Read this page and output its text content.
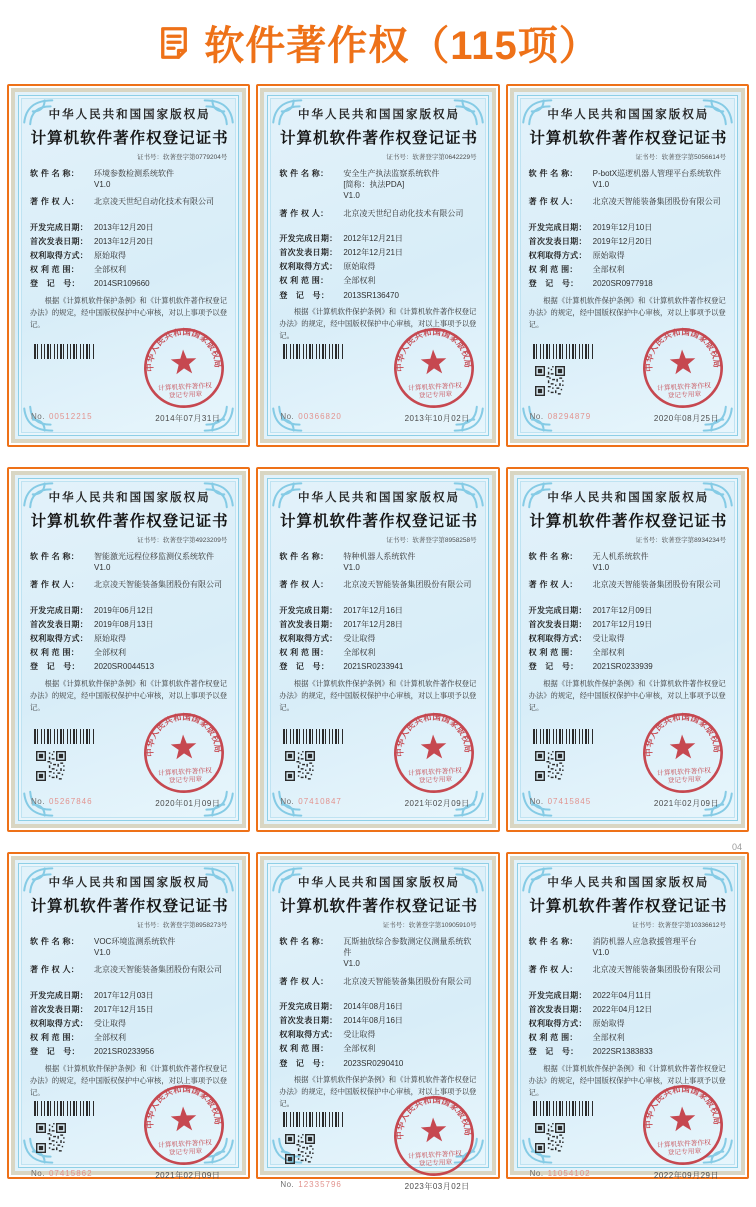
软件著作权（115项）
中华人民共和国国家版权局
计算机软件著作权登记证书
证书号：软著登字第0779204号
软 件 名 称：	环境参数检测系统软件
V1.0
著 作 权 人：	北京凌天世纪自动化技术有限公司
开发完成日期： 2013年12月20日
首次发表日期： 2013年12月20日
权利取得方式： 原始取得
权 利 范 围：	全部权利
登　记　号：	2014SR109660
根据《计算机软件保护条例》和《计算机软件著作权登记办法》的规定，经中国版权保护中心审核，对以上事项予以登记。
No. 00512215
中华人民共和国国家版权局
计算机软件著作权
登记专用章
2014年07月31日
中华人民共和国国家版权局
计算机软件著作权登记证书
证书号：软著登字第0642229号
软 件 名 称：	安全生产执法监察系统软件
[简称：执法PDA]
V1.0
著 作 权 人：	北京凌天世纪自动化技术有限公司
开发完成日期： 2012年12月21日
首次发表日期： 2012年12月21日
权利取得方式： 原始取得
权 利 范 围：	全部权利
登　记　号：	2013SR136470
根据《计算机软件保护条例》和《计算机软件著作权登记办法》的规定，经中国版权保护中心审核，对以上事项予以登记。
No. 00366820
中华人民共和国国家版权局
计算机软件著作权
登记专用章
2013年10月02日
中华人民共和国国家版权局
计算机软件著作权登记证书
证书号：软著登字第5056614号
软 件 名 称：	P-botX巡逻机器人管理平台系统软件
V1.0
著 作 权 人：	北京凌天智能装备集团股份有限公司
开发完成日期： 2019年12月10日
首次发表日期： 2019年12月20日
权利取得方式： 原始取得
权 利 范 围：	全部权利
登　记　号：	2020SR0977918
根据《计算机软件保护条例》和《计算机软件著作权登记办法》的规定，经中国版权保护中心审核，对以上事项予以登记。
No. 08294879
中华人民共和国国家版权局
计算机软件著作权
登记专用章
2020年08月25日
中华人民共和国国家版权局
计算机软件著作权登记证书
证书号：软著登字第4923209号
软 件 名 称：	智能激光远程位移监测仪系统软件
V1.0
著 作 权 人：	北京凌天智能装备集团股份有限公司
开发完成日期： 2019年06月12日
首次发表日期： 2019年08月13日
权利取得方式： 原始取得
权 利 范 围：	全部权利
登　记　号：	2020SR0044513
根据《计算机软件保护条例》和《计算机软件著作权登记办法》的规定，经中国版权保护中心审核，对以上事项予以登记。
No. 05267846
中华人民共和国国家版权局
计算机软件著作权
登记专用章
2020年01月09日
中华人民共和国国家版权局
计算机软件著作权登记证书
证书号：软著登字第8958258号
软 件 名 称：	特种机器人系统软件
V1.0
著 作 权 人：	北京凌天智能装备集团股份有限公司
开发完成日期： 2017年12月16日
首次发表日期： 2017年12月28日
权利取得方式： 受让取得
权 利 范 围：	全部权利
登　记　号：	2021SR0233941
根据《计算机软件保护条例》和《计算机软件著作权登记办法》的规定，经中国版权保护中心审核，对以上事项予以登记。
No. 07410847
中华人民共和国国家版权局
计算机软件著作权
登记专用章
2021年02月09日
中华人民共和国国家版权局
计算机软件著作权登记证书
证书号：软著登字第8934234号
软 件 名 称：	无人机系统软件
V1.0
著 作 权 人：	北京凌天智能装备集团股份有限公司
开发完成日期： 2017年12月09日
首次发表日期： 2017年12月19日
权利取得方式： 受让取得
权 利 范 围：	全部权利
登　记　号：	2021SR0233939
根据《计算机软件保护条例》和《计算机软件著作权登记办法》的规定，经中国版权保护中心审核，对以上事项予以登记。
No. 07415845
中华人民共和国国家版权局
计算机软件著作权
登记专用章
2021年02月09日
中华人民共和国国家版权局
计算机软件著作权登记证书
证书号：软著登字第8958273号
软 件 名 称：	VOC环境监测系统软件
V1.0
著 作 权 人：	北京凌天智能装备集团股份有限公司
开发完成日期： 2017年12月03日
首次发表日期： 2017年12月15日
权利取得方式： 受让取得
权 利 范 围：	全部权利
登　记　号：	2021SR0233956
根据《计算机软件保护条例》和《计算机软件著作权登记办法》的规定，经中国版权保护中心审核，对以上事项予以登记。
No. 07415862
中华人民共和国国家版权局
计算机软件著作权
登记专用章
2021年02月09日
中华人民共和国国家版权局
计算机软件著作权登记证书
证书号：软著登字第10905910号
软 件 名 称：	瓦斯抽放综合参数测定仪测量系统软件
V1.0
著 作 权 人：	北京凌天智能装备集团股份有限公司
开发完成日期： 2014年08月16日
首次发表日期： 2014年08月16日
权利取得方式： 受让取得
权 利 范 围：	全部权利
登　记　号：	2023SR0290410
根据《计算机软件保护条例》和《计算机软件著作权登记办法》的规定，经中国版权保护中心审核，对以上事项予以登记。
No. 12335796
中华人民共和国国家版权局
计算机软件著作权
登记专用章
2023年03月02日
中华人民共和国国家版权局
计算机软件著作权登记证书
证书号：软著登字第10336612号
软 件 名 称：	消防机器人应急救援管理平台
V1.0
著 作 权 人：	北京凌天智能装备集团股份有限公司
开发完成日期： 2022年04月11日
首次发表日期： 2022年04月12日
权利取得方式： 原始取得
权 利 范 围：	全部权利
登　记　号：	2022SR1383833
根据《计算机软件保护条例》和《计算机软件著作权登记办法》的规定，经中国版权保护中心审核，对以上事项予以登记。
No. 11054102
中华人民共和国国家版权局
计算机软件著作权
登记专用章
2022年09月29日
04
